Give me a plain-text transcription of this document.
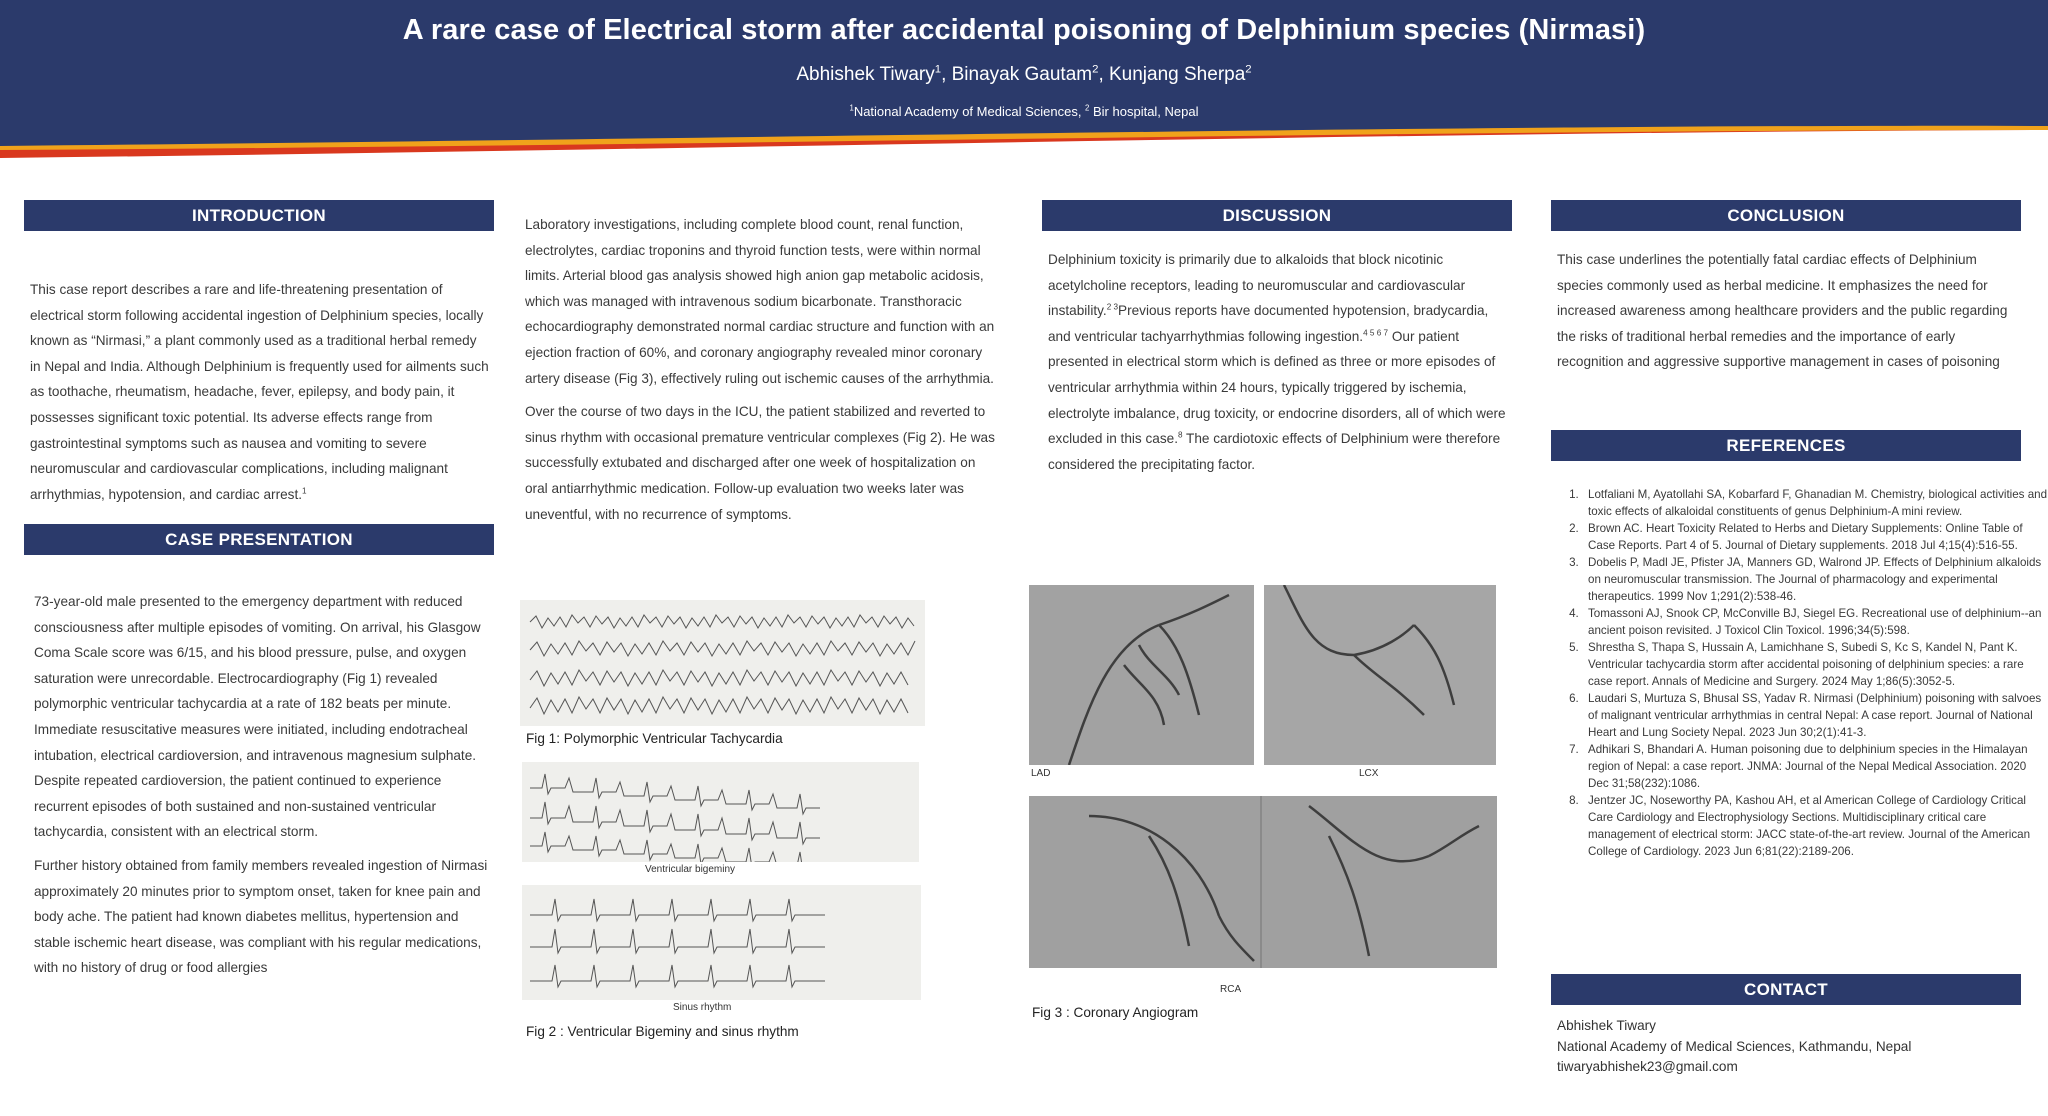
A rare case of Electrical storm after accidental poisoning of Delphinium species (Nirmasi)
Abhishek Tiwary$^1$, Binayak Gautam$^2$, Kunjang Sherpa$^2$
$^1$National Academy of Medical Sciences, $^2$ Bir hospital, Nepal
INTRODUCTION
This case report describes a rare and life-threatening presentation of electrical storm following accidental ingestion of Delphinium species, locally known as “Nirmasi,” a plant commonly used as a traditional herbal remedy in Nepal and India. Although Delphinium is frequently used for ailments such as toothache, rheumatism, headache, fever, epilepsy, and body pain, it possesses significant toxic potential. Its adverse effects range from gastrointestinal symptoms such as nausea and vomiting to severe neuromuscular and cardiovascular complications, including malignant arrhythmias, hypotension, and cardiac arrest.$^1$
CASE PRESENTATION

73-year-old male presented to the emergency department with reduced consciousness after multiple episodes of vomiting. On arrival, his Glasgow Coma Scale score was 6/15, and his blood pressure, pulse, and oxygen saturation were unrecordable. Electrocardiography (Fig 1) revealed polymorphic ventricular tachycardia at a rate of 182 beats per minute. Immediate resuscitative measures were initiated, including endotracheal intubation, electrical cardioversion, and intravenous magnesium sulphate. Despite repeated cardioversion, the patient continued to experience recurrent episodes of both sustained and non-sustained ventricular tachycardia, consistent with an electrical storm.

Further history obtained from family members revealed ingestion of Nirmasi approximately 20 minutes prior to symptom onset, taken for knee pain and body ache. The patient had known diabetes mellitus, hypertension and stable ischemic heart disease, was compliant with his regular medications, with no history of drug or food allergies

Laboratory investigations, including complete blood count, renal function, electrolytes, cardiac troponins and thyroid function tests, were within normal limits. Arterial blood gas analysis showed high anion gap metabolic acidosis, which was managed with intravenous sodium bicarbonate. Transthoracic echocardiography demonstrated normal cardiac structure and function with an ejection fraction of 60%, and coronary angiography revealed minor coronary artery disease (Fig 3), effectively ruling out ischemic causes of the arrhythmia.

Over the course of two days in the ICU, the patient stabilized and reverted to sinus rhythm with occasional premature ventricular complexes (Fig 2). He was successfully extubated and discharged after one week of hospitalization on oral antiarrhythmic medication. Follow-up evaluation two weeks later was uneventful, with no recurrence of symptoms.

Fig 1: Polymorphic Ventricular Tachycardia
Ventricular bigeminy
Sinus rhythm
Fig 2 : Ventricular Bigeminy and sinus rhythm
DISCUSSION
Delphinium toxicity is primarily due to alkaloids that block nicotinic acetylcholine receptors, leading to neuromuscular and cardiovascular instability.$^{2 3}$Previous reports have documented hypotension, bradycardia, and ventricular tachyarrhythmias following ingestion.$^{4 5 6 7}$ Our patient presented in electrical storm which is defined as three or more episodes of ventricular arrhythmia within 24 hours, typically triggered by ischemia, electrolyte imbalance, drug toxicity, or endocrine disorders, all of which were excluded in this case.$^8$ The cardiotoxic effects of Delphinium were therefore considered the precipitating factor.
LAD	LCX
RCA
Fig 3 : Coronary Angiogram
CONCLUSION
This case underlines the potentially fatal cardiac effects of Delphinium species commonly used as herbal medicine. It emphasizes the need for increased awareness among healthcare providers and the public regarding the risks of traditional herbal remedies and the importance of early recognition and aggressive supportive management in cases of poisoning
REFERENCES
1. Lotfaliani M, Ayatollahi SA, Kobarfard F, Ghanadian M. Chemistry, biological activities and toxic effects of alkaloidal constituents of genus Delphinium-A mini review.
2. Brown AC. Heart Toxicity Related to Herbs and Dietary Supplements: Online Table of Case Reports. Part 4 of 5. Journal of Dietary supplements. 2018 Jul 4;15(4):516-55.
3. Dobelis P, Madl JE, Pfister JA, Manners GD, Walrond JP. Effects of Delphinium alkaloids on neuromuscular transmission. The Journal of pharmacology and experimental therapeutics. 1999 Nov 1;291(2):538-46.
4. Tomassoni AJ, Snook CP, McConville BJ, Siegel EG. Recreational use of delphinium--an ancient poison revisited. J Toxicol Clin Toxicol. 1996;34(5):598.
5. Shrestha S, Thapa S, Hussain A, Lamichhane S, Subedi S, Kc S, Kandel N, Pant K. Ventricular tachycardia storm after accidental poisoning of delphinium species: a rare case report. Annals of Medicine and Surgery. 2024 May 1;86(5):3052-5.
6. Laudari S, Murtuza S, Bhusal SS, Yadav R. Nirmasi (Delphinium) poisoning with salvoes of malignant ventricular arrhythmias in central Nepal: A case report. Journal of National Heart and Lung Society Nepal. 2023 Jun 30;2(1):41-3.
7. Adhikari S, Bhandari A. Human poisoning due to delphinium species in the Himalayan region of Nepal: a case report. JNMA: Journal of the Nepal Medical Association. 2020 Dec 31;58(232):1086.
8. Jentzer JC, Noseworthy PA, Kashou AH, et al American College of Cardiology Critical Care Cardiology and Electrophysiology Sections. Multidisciplinary critical care management of electrical storm: JACC state-of-the-art review. Journal of the American College of Cardiology. 2023 Jun 6;81(22):2189-206.
CONTACT
Abhishek Tiwary
National Academy of Medical Sciences, Kathmandu, Nepal
tiwaryabhishek23@gmail.com
